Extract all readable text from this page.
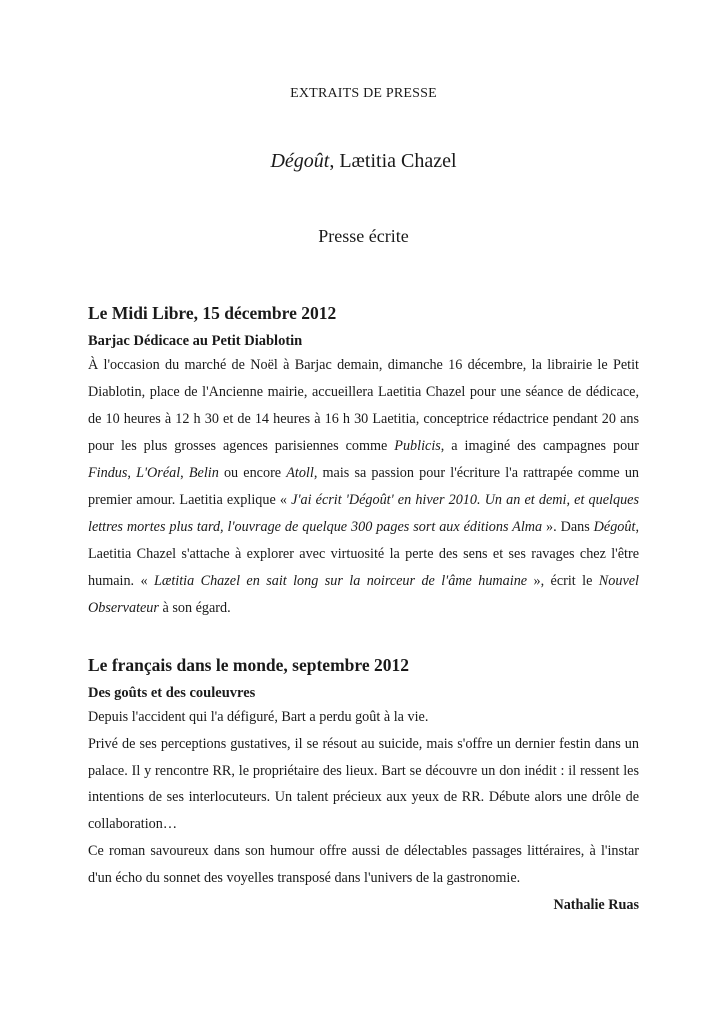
EXTRAITS DE PRESSE
Dégoût, Lætitia Chazel
Presse écrite
Le Midi Libre, 15 décembre 2012
Barjac Dédicace au Petit Diablotin

À l'occasion du marché de Noël à Barjac demain, dimanche 16 décembre, la librairie le Petit Diablotin, place de l'Ancienne mairie, accueillera Laetitia Chazel pour une séance de dédicace, de 10 heures à 12 h 30 et de 14 heures à 16 h 30 Laetitia, conceptrice rédactrice pendant 20 ans pour les plus grosses agences parisiennes comme Publicis, a imaginé des campagnes pour Findus, L'Oréal, Belin ou encore Atoll, mais sa passion pour l'écriture l'a rattrapée comme un premier amour. Laetitia explique « J'ai écrit 'Dégoût' en hiver 2010. Un an et demi, et quelques lettres mortes plus tard, l'ouvrage de quelque 300 pages sort aux éditions Alma ». Dans Dégoût, Laetitia Chazel s'attache à explorer avec virtuosité la perte des sens et ses ravages chez l'être humain. « Lætitia Chazel en sait long sur la noirceur de l'âme humaine », écrit le Nouvel Observateur à son égard.

Le français dans le monde, septembre 2012
Des goûts et des couleuvres

Depuis l'accident qui l'a défiguré, Bart a perdu goût à la vie.

Privé de ses perceptions gustatives, il se résout au suicide, mais s'offre un dernier festin dans un palace. Il y rencontre RR, le propriétaire des lieux. Bart se découvre un don inédit : il ressent les intentions de ses interlocuteurs. Un talent précieux aux yeux de RR. Débute alors une drôle de collaboration…

Ce roman savoureux dans son humour offre aussi de délectables passages littéraires, à l'instar d'un écho du sonnet des voyelles transposé dans l'univers de la gastronomie.

Nathalie Ruas
